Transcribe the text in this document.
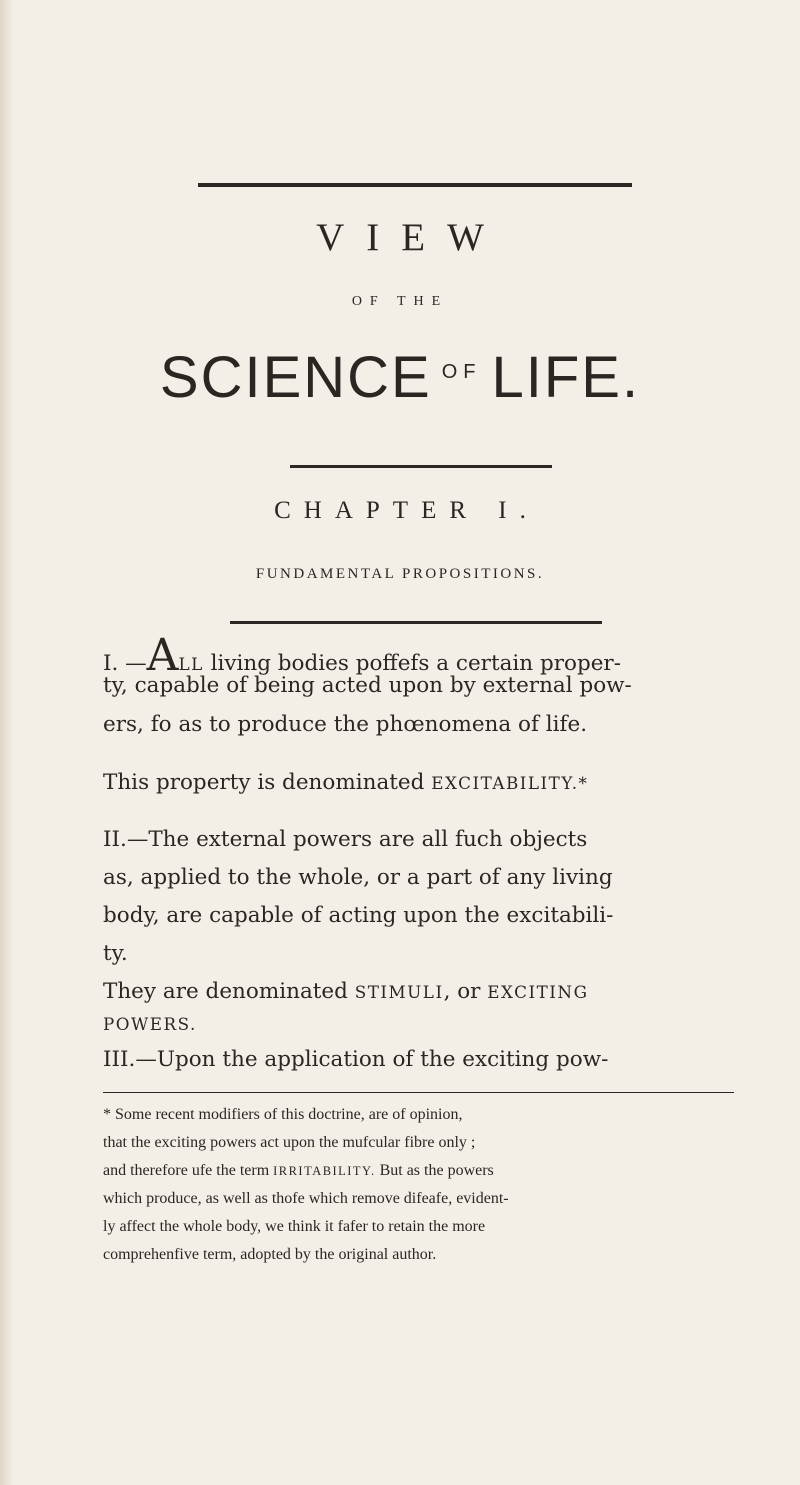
VIEW
OF THE
SCIENCE $^{OF}$ LIFE.
CHAPTER I.
FUNDAMENTAL PROPOSITIONS.
I. —ALL living bodies poffefs a certain proper-
ty, capable of being acted upon by external pow-
ers, fo as to produce the phœnomena of life.
This property is denominated EXCITABILITY.*
II.—The external powers are all fuch objects
as, applied to the whole, or a part of any living
body, are capable of acting upon the excitabili-
ty.
They are denominated STIMULI, or EXCITING
POWERS.
III.—Upon the application of the exciting pow-
* Some recent modifiers of this doctrine, are of opinion,
that the exciting powers act upon the mufcular fibre only ;
and therefore ufe the term IRRITABILITY. But as the powers
which produce, as well as thofe which remove difeafe, evident-
ly affect the whole body, we think it fafer to retain the more
comprehenfive term, adopted by the original author.
